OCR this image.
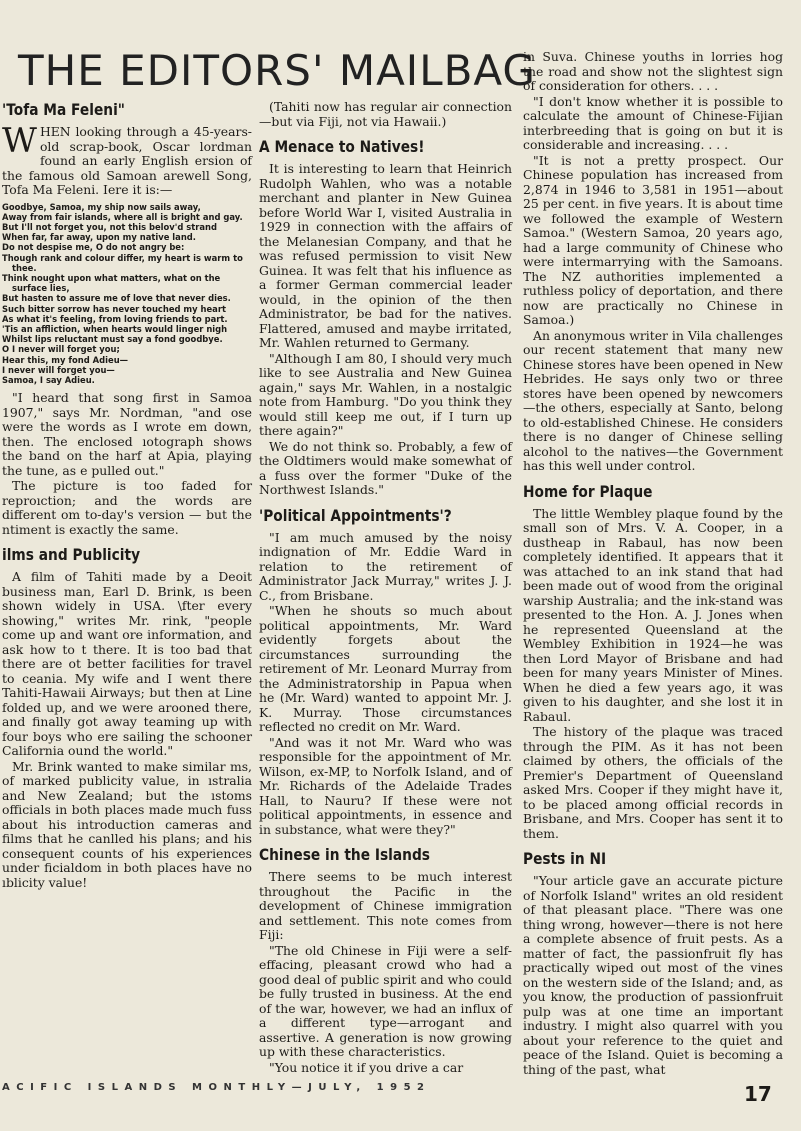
THE EDITORS' MAILBAG
'Tofa Ma Feleni"

WHEN looking through a 45-years-old scrap-book, Oscar lordman found an early English ersion of the famous old Samoan arewell Song, Tofa Ma Feleni. Iere it is:—

Goodbye, Samoa, my ship now sails away,
Away from fair islands, where all is bright and gay.
But I'll not forget you, not this belov'd strand
When far, far away, upon my native land.
Do not despise me, O do not angry be:
Though rank and colour differ, my heart is warm to thee.
Think nought upon what matters, what on the surface lies,
But hasten to assure me of love that never dies.
Such bitter sorrow has never touched my heart
As what it's feeling, from loving friends to part.
'Tis an affliction, when hearts would linger nigh
Whilst lips reluctant must say a fond goodbye.
O I never will forget you;
Hear this, my fond Adieu—
I never will forget you—
Samoa, I say Adieu.

"I heard that song first in Samoa 1907," says Mr. Nordman, "and ose were the words as I wrote em down, then. The enclosed ıotograph shows the band on the harf at Apia, playing the tune, as e pulled out."

The picture is too faded for reproıction; and the words are different om to-day's version — but the ntiment is exactly the same.

ilms and Publicity

A film of Tahiti made by a Deoit business man, Earl D. Brink, ıs been shown widely in USA. \fter every showing," writes Mr. rink, "people come up and want ore information, and ask how to t there. It is too bad that there are ot better facilities for travel to ceania. My wife and I went there Tahiti-Hawaii Airways; but then at Line folded up, and we were arooned there, and finally got away teaming up with four boys who ere sailing the schooner California ound the world."

Mr. Brink wanted to make similar ms, of marked publicity value, in ıstralia and New Zealand; but the ıstoms officials in both places made much fuss about his introduction cameras and films that he canlled his plans; and his consequent counts of his experiences under ficialdom in both places have no ıblicity value!

(Tahiti now has regular air connection—but via Fiji, not via Hawaii.)

A Menace to Natives!

It is interesting to learn that Heinrich Rudolph Wahlen, who was a notable merchant and planter in New Guinea before World War I, visited Australia in 1929 in connection with the affairs of the Melanesian Company, and that he was refused permission to visit New Guinea. It was felt that his influence as a former German commercial leader would, in the opinion of the then Administrator, be bad for the natives. Flattered, amused and maybe irritated, Mr. Wahlen returned to Germany.

"Although I am 80, I should very much like to see Australia and New Guinea again," says Mr. Wahlen, in a nostalgic note from Hamburg. "Do you think they would still keep me out, if I turn up there again?"

We do not think so. Probably, a few of the Oldtimers would make somewhat of a fuss over the former "Duke of the Northwest Islands."

'Political Appointments'?

"I am much amused by the noisy indignation of Mr. Eddie Ward in relation to the retirement of Administrator Jack Murray," writes J. J. C., from Brisbane.

"When he shouts so much about political appointments, Mr. Ward evidently forgets about the circumstances surrounding the retirement of Mr. Leonard Murray from the Administratorship in Papua when he (Mr. Ward) wanted to appoint Mr. J. K. Murray. Those circumstances reflected no credit on Mr. Ward.

"And was it not Mr. Ward who was responsible for the appointment of Mr. Wilson, ex-MP, to Norfolk Island, and of Mr. Richards of the Adelaide Trades Hall, to Nauru? If these were not political appointments, in essence and in substance, what were they?"

Chinese in the Islands

There seems to be much interest throughout the Pacific in the development of Chinese immigration and settlement. This note comes from Fiji:

"The old Chinese in Fiji were a self-effacing, pleasant crowd who had a good deal of public spirit and who could be fully trusted in business. At the end of the war, however, we had an influx of a different type—arrogant and assertive. A generation is now growing up with these characteristics.

"You notice it if you drive a car

in Suva. Chinese youths in lorries hog the road and show not the slightest sign of consideration for others. . . .

"I don't know whether it is possible to calculate the amount of Chinese-Fijian interbreeding that is going on but it is considerable and increasing. . . .

"It is not a pretty prospect. Our Chinese population has increased from 2,874 in 1946 to 3,581 in 1951—about 25 per cent. in five years. It is about time we followed the example of Western Samoa." (Western Samoa, 20 years ago, had a large community of Chinese who were intermarrying with the Samoans. The NZ authorities implemented a ruthless policy of deportation, and there now are practically no Chinese in Samoa.)

An anonymous writer in Vila challenges our recent statement that many new Chinese stores have been opened in New Hebrides. He says only two or three stores have been opened by newcomers—the others, especially at Santo, belong to old-established Chinese. He considers there is no danger of Chinese selling alcohol to the natives—the Government has this well under control.

Home for Plaque

The little Wembley plaque found by the small son of Mrs. V. A. Cooper, in a dustheap in Rabaul, has now been completely identified. It appears that it was attached to an ink stand that had been made out of wood from the original warship Australia; and the ink-stand was presented to the Hon. A. J. Jones when he represented Queensland at the Wembley Exhibition in 1924—he was then Lord Mayor of Brisbane and had been for many years Minister of Mines. When he died a few years ago, it was given to his daughter, and she lost it in Rabaul.

The history of the plaque was traced through the PIM. As it has not been claimed by others, the officials of the Premier's Department of Queensland asked Mrs. Cooper if they might have it, to be placed among official records in Brisbane, and Mrs. Cooper has sent it to them.

Pests in NI

"Your article gave an accurate picture of Norfolk Island" writes an old resident of that pleasant place. "There was one thing wrong, however—there is not here a complete absence of fruit pests. As a matter of fact, the passionfruit fly has practically wiped out most of the vines on the western side of the Island; and, as you know, the production of passionfruit pulp was at one time an important industry. I might also quarrel with you about your reference to the quiet and peace of the Island. Quiet is becoming a thing of the past, what

ACIFIC ISLANDS MONTHLY—JULY, 1952	17
